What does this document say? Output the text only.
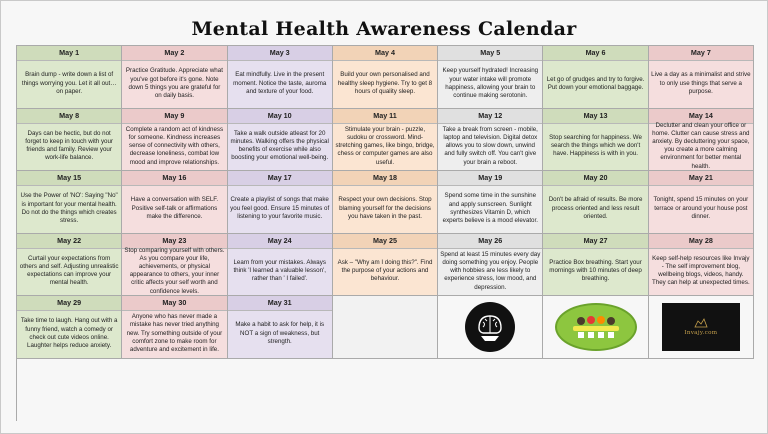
Mental Health Awareness Calendar
May 1
Brain dump - write down a list of things worrying you. Let it all out…on paper.
May 2
Practice Gratitude. Appreciate what you've got before it's gone. Note down 5 things you are grateful for on daily basis.
May 3
Eat mindfully. Live in the present moment. Notice the taste, auroma and texture of your food.
May 4
Build your own personalised and healthy sleep hygiene. Try to get 8 hours of quality sleep.
May 5
Keep yourself hydrated! Increasing your water intake will promote happiness, allowing your brain to continue making serotonin.
May 6
Let go of grudges and try to forgive. Put down your emotional baggage.
May 7
Live a day as a minimalist and strive to only use things that serve a purpose.
May 8
Days can be hectic, but do not forget to keep in touch with your friends and family. Review your work-life balance.
May 9
Complete a random act of kindness for someone. Kindness increases sense of connectivity with others, decrease loneliness, combat low mood and improve relationships.
May 10
Take a walk outside atleast for 20 minutes. Walking offers the physical benefits of exercise while also boosting your emotional well-being.
May 11
Stimulate your brain - puzzle, sudoku or crossword. Mind-stretching games, like bingo, bridge, chess or computer games are also useful.
May 12
Take a break from screen - mobile, laptop and television. Digital detox allows you to slow down, unwind and fully switch off. You can't give your brain a reboot.
May 13
Stop searching for happiness. We search the things which we don't have. Happiness is with in you.
May 14
Declutter and clean your office or home. Clutter can cause stress and anxiety. By decluttering your space, you create a more calming environment for better mental health.
May 15
Use the Power of 'NO': Saying "No" is important for your mental health. Do not do the things which creates stress.
May 16
Have a conversation with SELF. Positive self-talk or affirmations make the difference.
May 17
Create a playlist of songs that make you feel good. Ensure 15 minutes of listening to your favorite music.
May 18
Respect your own decisions. Stop blaming yourself for the decisions you have taken in the past.
May 19
Spend some time in the sunshine and apply sunscreen. Sunlight synthesizes Vitamin D, which experts believe is a mood elevator.
May 20
Don't be afraid of results. Be more process oriented and less result oriented.
May 21
Tonight, spend 15 minutes on your terrace or around your house post dinner.
May 22
Curtail your expectations from others and self. Adjusting unrealistic expectations can improve your mental health.
May 23
Stop comparing yourself with others. As you compare your life, achievements, or physical appearance to others, your inner critic affects your self worth and confidence levels.
May 24
Learn from your mistakes. Always think 'I learned a valuable lesson', rather than ' I failed'.
May 25
Ask – "Why am I doing this?". Find the purpose of your actions and behaviour.
May 26
Spend at least 15 minutes every day doing something you enjoy. People with hobbies are less likely to experience stress, low mood, and depression.
May 27
Practice Box breathing. Start your mornings with 10 minutes of deep breathing.
May 28
Keep self-help resources like Invajy - The self improvement blog, wellbeing blogs, videos, handy. They can help at unexpected times.
May 29
Take time to laugh. Hang out with a funny friend, watch a comedy or check out cute videos online. Laughter helps reduce anxiety.
May 30
Anyone who has never made a mistake has never tried anything new. Try something outside of your comfort zone to make room for adventure and excitement in life.
May 31
Make a habit to ask for help, it is NOT a sign of weakness, but strength.
Invajy.com
